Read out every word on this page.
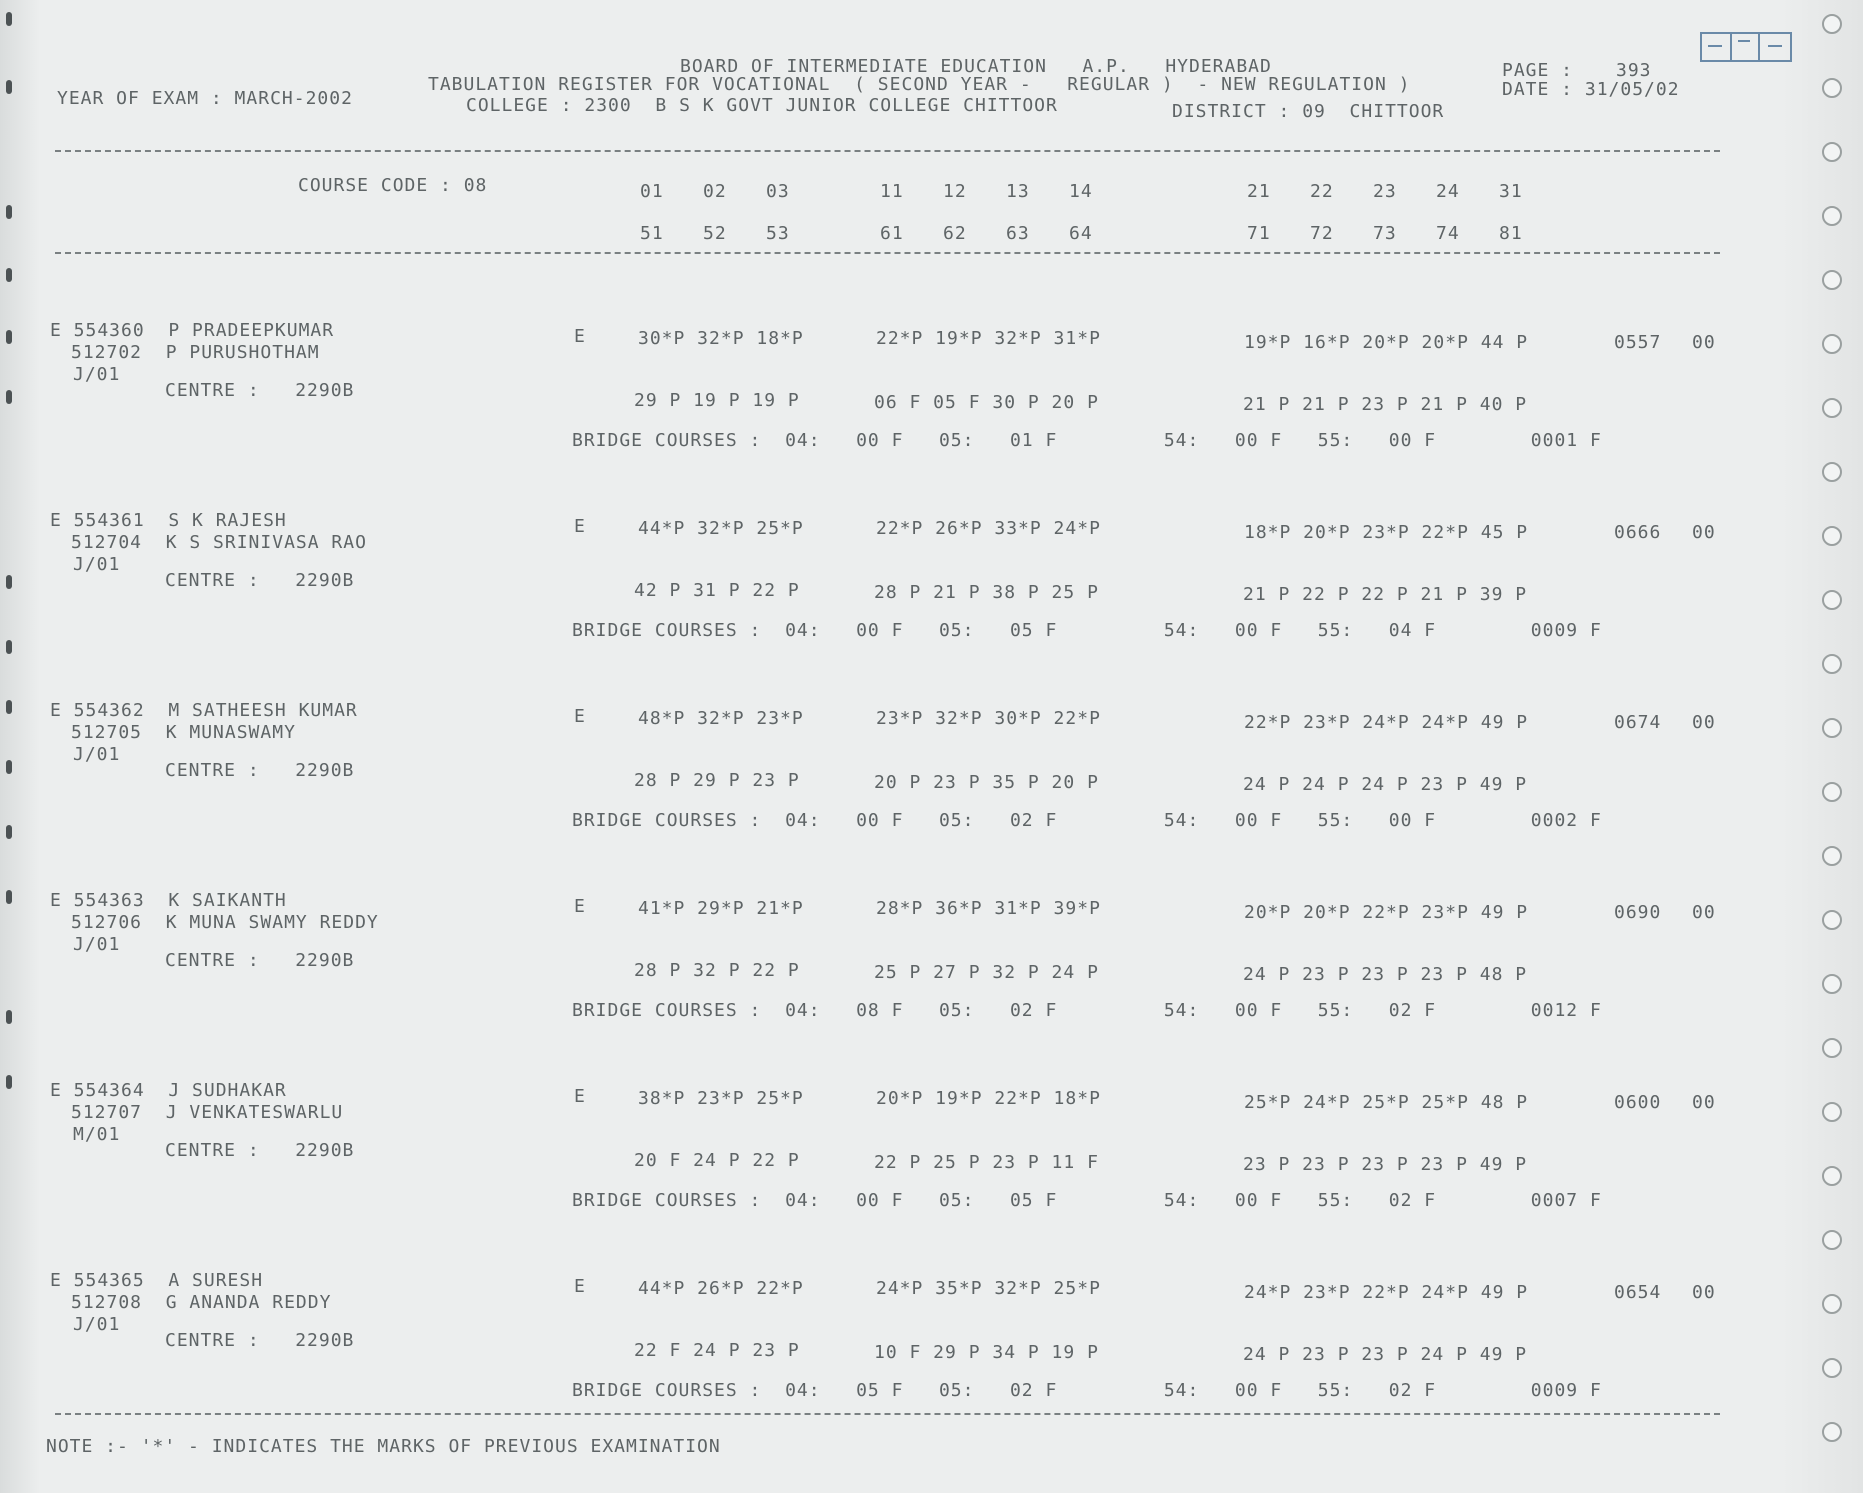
BOARD OF INTERMEDIATE EDUCATION   A.P.   HYDERABAD	PAGE : 393
YEAR OF EXAM : MARCH-2002
TABULATION REGISTER FOR VOCATIONAL  ( SECOND YEAR -   REGULAR )  - NEW REGULATION )	DATE : 31/05/02
COLLEGE : 2300  B S K GOVT JUNIOR COLLEGE CHITTOOR	DISTRICT : 09  CHITTOOR
COURSE CODE : 08	01 02 03	11 12 13 14	21 22 23 24 31
51 52 53	61 62 63 64	71 72 73 74 81
E 554360  P PRADEEPKUMAR
512702  P PURUSHOTHAM
J/01
CENTRE :   2290B
E	30*P 32*P 18*P	22*P 19*P 32*P 31*P	19*P 16*P 20*P 20*P 44 P	0557 00
29 P 19 P 19 P	06 F 05 F 30 P 20 P	21 P 21 P 23 P 21 P 40 P
BRIDGE COURSES :  04:   00 F   05:   01 F         54:   00 F   55:   00 F        0001 F
E 554361  S K RAJESH
512704  K S SRINIVASA RAO
J/01
CENTRE :   2290B
E	44*P 32*P 25*P	22*P 26*P 33*P 24*P	18*P 20*P 23*P 22*P 45 P	0666 00
42 P 31 P 22 P	28 P 21 P 38 P 25 P	21 P 22 P 22 P 21 P 39 P
BRIDGE COURSES :  04:   00 F   05:   05 F         54:   00 F   55:   04 F        0009 F
E 554362  M SATHEESH KUMAR
512705  K MUNASWAMY
J/01
CENTRE :   2290B
E	48*P 32*P 23*P	23*P 32*P 30*P 22*P	22*P 23*P 24*P 24*P 49 P	0674 00
28 P 29 P 23 P	20 P 23 P 35 P 20 P	24 P 24 P 24 P 23 P 49 P
BRIDGE COURSES :  04:   00 F   05:   02 F         54:   00 F   55:   00 F        0002 F
E 554363  K SAIKANTH
512706  K MUNA SWAMY REDDY
J/01
CENTRE :   2290B
E	41*P 29*P 21*P	28*P 36*P 31*P 39*P	20*P 20*P 22*P 23*P 49 P	0690 00
28 P 32 P 22 P	25 P 27 P 32 P 24 P	24 P 23 P 23 P 23 P 48 P
BRIDGE COURSES :  04:   08 F   05:   02 F         54:   00 F   55:   02 F        0012 F
E 554364  J SUDHAKAR
512707  J VENKATESWARLU
M/01
CENTRE :   2290B
E	38*P 23*P 25*P	20*P 19*P 22*P 18*P	25*P 24*P 25*P 25*P 48 P	0600 00
20 F 24 P 22 P	22 P 25 P 23 P 11 F	23 P 23 P 23 P 23 P 49 P
BRIDGE COURSES :  04:   00 F   05:   05 F         54:   00 F   55:   02 F        0007 F
E 554365  A SURESH
512708  G ANANDA REDDY
J/01
CENTRE :   2290B
E	44*P 26*P 22*P	24*P 35*P 32*P 25*P	24*P 23*P 22*P 24*P 49 P	0654 00
22 F 24 P 23 P	10 F 29 P 34 P 19 P	24 P 23 P 23 P 24 P 49 P
BRIDGE COURSES :  04:   05 F   05:   02 F         54:   00 F   55:   02 F        0009 F
NOTE :- '*' - INDICATES THE MARKS OF PREVIOUS EXAMINATION
